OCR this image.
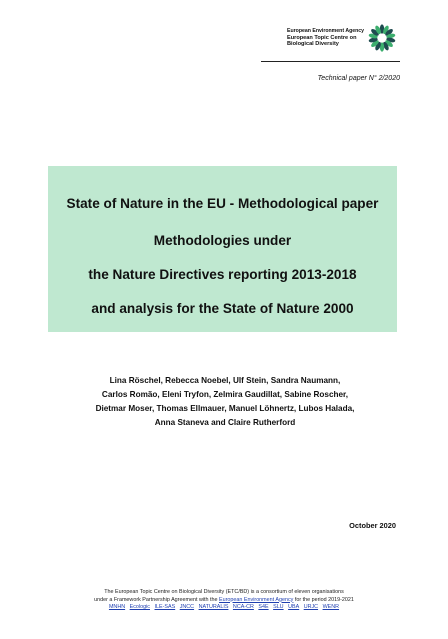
European Environment Agency
European Topic Centre on
Biological Diversity
Technical paper N° 2/2020
State of Nature in the EU - Methodological paper
Methodologies under
the Nature Directives reporting 2013-2018
and analysis for the State of Nature 2000
Lina Röschel, Rebecca Noebel, Ulf Stein, Sandra Naumann,
Carlos Romão, Eleni Tryfon, Zelmira Gaudillat, Sabine Roscher,
Dietmar Moser, Thomas Ellmauer, Manuel Löhnertz, Lubos Halada,
Anna Staneva and Claire Rutherford
October 2020
The European Topic Centre on Biological Diversity (ETC/BD) is a consortium of eleven organisations
under a Framework Partnership Agreement with the European Environment Agency for the period 2019-2021
MNHN Ecologic ILE-SAS JNCC NATURALIS NCA-CR S4E SLU UBA URJC WENR
